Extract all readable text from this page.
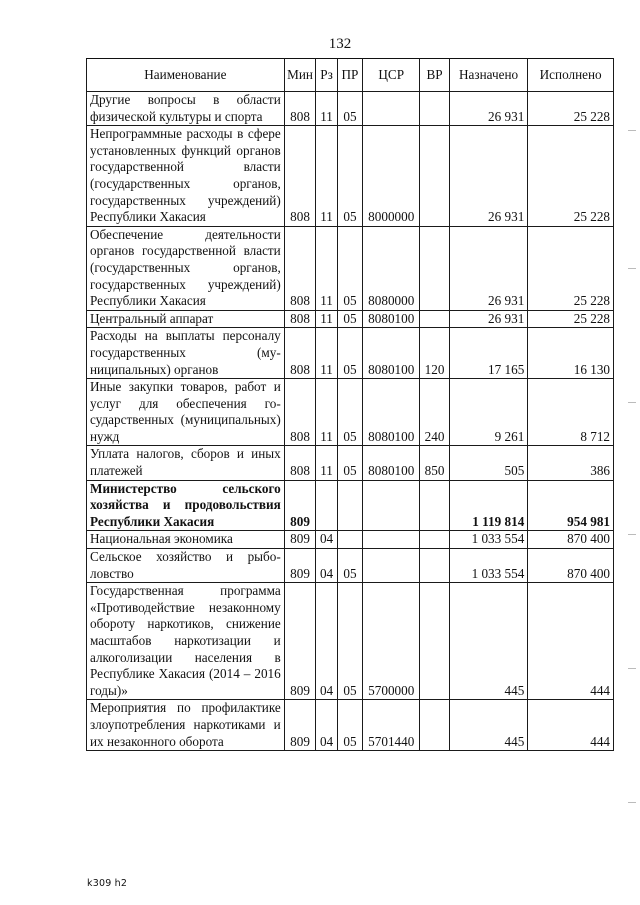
132
Наименование	Мин	Рз	ПР	ЦСР	ВР	Назначено	Исполнено
Другие вопросы в области физической культуры и спорта	808	11	05			26 931	25 228
Непрограммные расходы в сфере установленных функций органов государственной власти (государственных органов, государственных учреждений) Республики Хакасия	808	11	05	8000000		26 931	25 228
Обеспечение деятельности органов государственной власти (государственных органов, государственных учреждений) Республики Хакасия	808	11	05	8080000		26 931	25 228
Центральный аппарат	808	11	05	8080100		26 931	25 228
Расходы на выплаты персоналу государственных (муниципальных) органов	808	11	05	8080100	120	17 165	16 130
Иные закупки товаров, работ и услуг для обеспечения государственных (муниципальных) нужд	808	11	05	8080100	240	9 261	8 712
Уплата налогов, сборов и иных платежей	808	11	05	8080100	850	505	386
Министерство сельского хозяйства и продовольствия Республики Хакасия	809					1 119 814	954 981
Национальная экономика	809	04				1 033 554	870 400
Сельское хозяйство и рыболовство	809	04	05			1 033 554	870 400
Государственная программа «Противодействие незаконному обороту наркотиков, снижение масштабов наркотизации и алкоголизации населения в Республике Хакасия (2014 – 2016 годы)»	809	04	05	5700000		445	444
Мероприятия по профилактике злоупотребления наркотиками и их незаконного оборота	809	04	05	5701440		445	444
k309 h2
